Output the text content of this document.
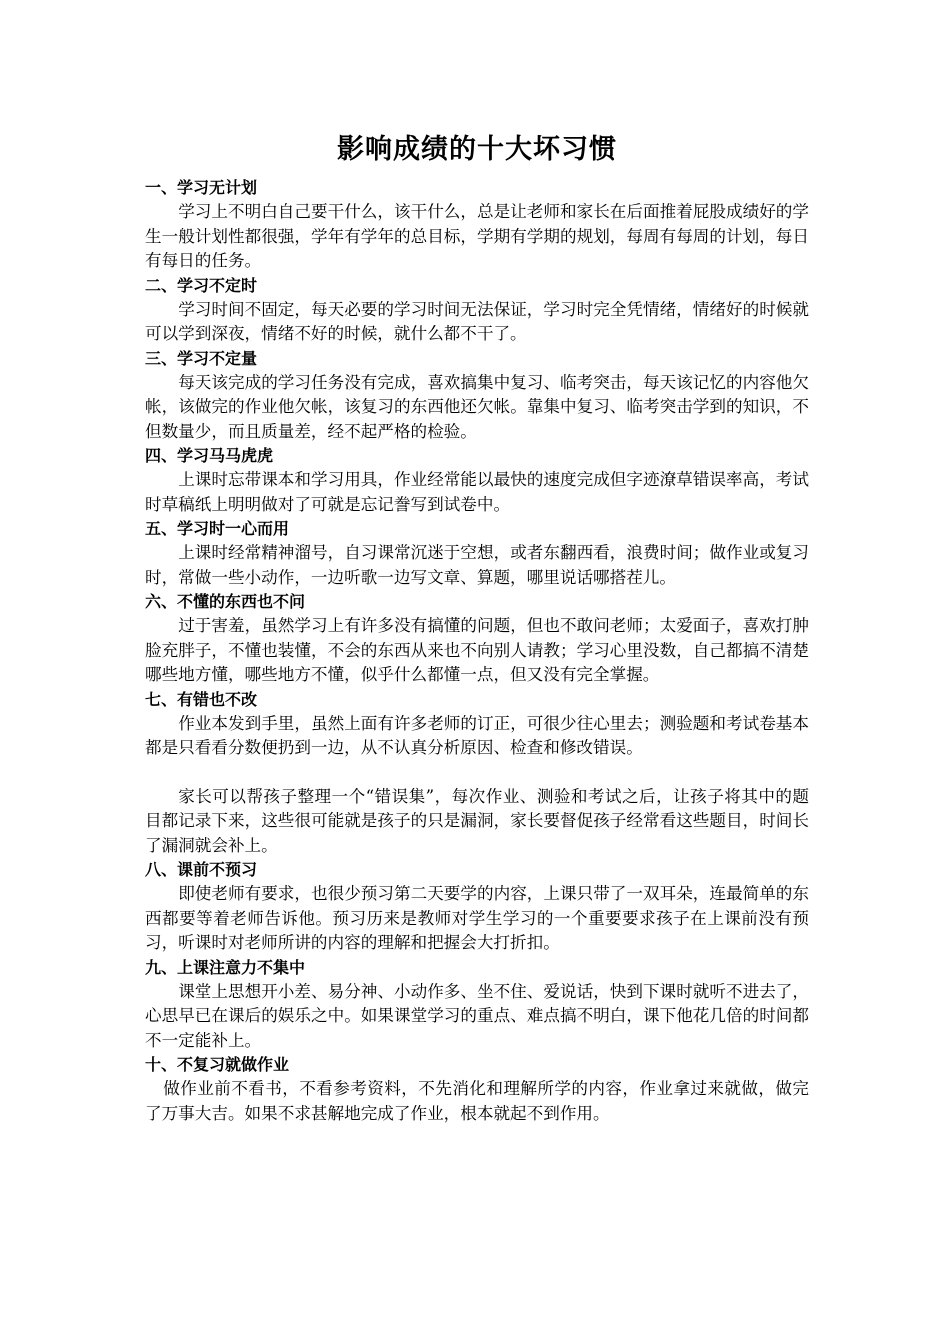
影响成绩的十大坏习惯

一、学习无计划

学习上不明白自己要干什么，该干什么，总是让老师和家长在后面推着屁股成绩好的学生一般计划性都很强，学年有学年的总目标，学期有学期的规划，每周有每周的计划，每日有每日的任务。

二、学习不定时

学习时间不固定，每天必要的学习时间无法保证，学习时完全凭情绪，情绪好的时候就可以学到深夜，情绪不好的时候，就什么都不干了。

三、学习不定量

每天该完成的学习任务没有完成，喜欢搞集中复习、临考突击，每天该记忆的内容他欠帐，该做完的作业他欠帐，该复习的东西他还欠帐。靠集中复习、临考突击学到的知识，不但数量少，而且质量差，经不起严格的检验。

四、学习马马虎虎

上课时忘带课本和学习用具，作业经常能以最快的速度完成但字迹潦草错误率高，考试时草稿纸上明明做对了可就是忘记誊写到试卷中。

五、学习时一心而用

上课时经常精神溜号，自习课常沉迷于空想，或者东翻西看，浪费时间；做作业或复习时，常做一些小动作，一边听歌一边写文章、算题，哪里说话哪搭茬儿。

六、不懂的东西也不问

过于害羞，虽然学习上有许多没有搞懂的问题，但也不敢问老师；太爱面子，喜欢打肿脸充胖子，不懂也装懂，不会的东西从来也不向别人请教；学习心里没数，自己都搞不清楚哪些地方懂，哪些地方不懂，似乎什么都懂一点，但又没有完全掌握。

七、有错也不改

作业本发到手里，虽然上面有许多老师的订正，可很少往心里去；测验题和考试卷基本都是只看看分数便扔到一边，从不认真分析原因、检查和修改错误。

家长可以帮孩子整理一个“错误集”，每次作业、测验和考试之后，让孩子将其中的题目都记录下来，这些很可能就是孩子的只是漏洞，家长要督促孩子经常看这些题目，时间长了漏洞就会补上。

八、课前不预习

即使老师有要求，也很少预习第二天要学的内容，上课只带了一双耳朵，连最简单的东西都要等着老师告诉他。预习历来是教师对学生学习的一个重要要求孩子在上课前没有预习，听课时对老师所讲的内容的理解和把握会大打折扣。

九、上课注意力不集中

课堂上思想开小差、易分神、小动作多、坐不住、爱说话，快到下课时就听不进去了，心思早已在课后的娱乐之中。如果课堂学习的重点、难点搞不明白，课下他花几倍的时间都不一定能补上。

十、不复习就做作业

做作业前不看书，不看参考资料，不先消化和理解所学的内容，作业拿过来就做，做完了万事大吉。如果不求甚解地完成了作业，根本就起不到作用。
